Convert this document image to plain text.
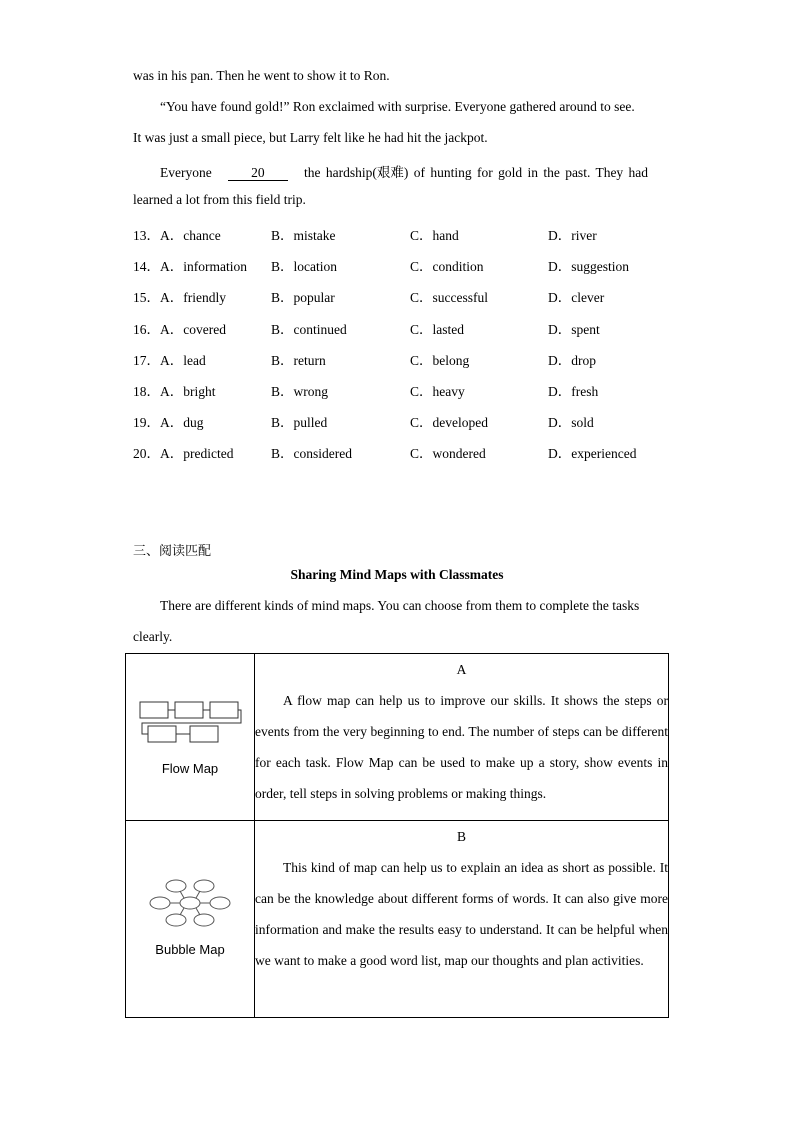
was in his pan. Then he went to show it to Ron.
“You have found gold!” Ron exclaimed with surprise. Everyone gathered around to see.
It was just a small piece, but Larry felt like he had hit the jackpot.
Everyone	20	the hardship(艰难) of hunting for gold in the past. They had
learned a lot from this field trip.
13．A．chance	B．mistake	C．hand	D．river
14．A．information B．location	C．condition	D．suggestion
15．A．friendly	B．popular	C．successful	D．clever
16．A．covered	B．continued	C．lasted	D．spent
17．A．lead	B．return	C．belong	D．drop
18．A．bright	B．wrong	C．heavy	D．fresh
19．A．dug	B．pulled	C．developed	D．sold
20．A．predicted	B．considered	C．wondered	D．experienced
三、阅读匹配
Sharing Mind Maps with Classmates
There are different kinds of mind maps. You can choose from them to complete the tasks
clearly.
Flow Map	A
A flow map can help us to improve our skills. It shows the steps or events from the very beginning to end. The number of steps can be different for each task. Flow Map can be used to make up a story, show events in order, tell steps in solving problems or making things.

Bubble Map	B
This kind of map can help us to explain an idea as short as possible. It can be the knowledge about different forms of words. It can also give more information and make the results easy to understand. It can be helpful when we want to make a good word list, map our thoughts and plan activities.
